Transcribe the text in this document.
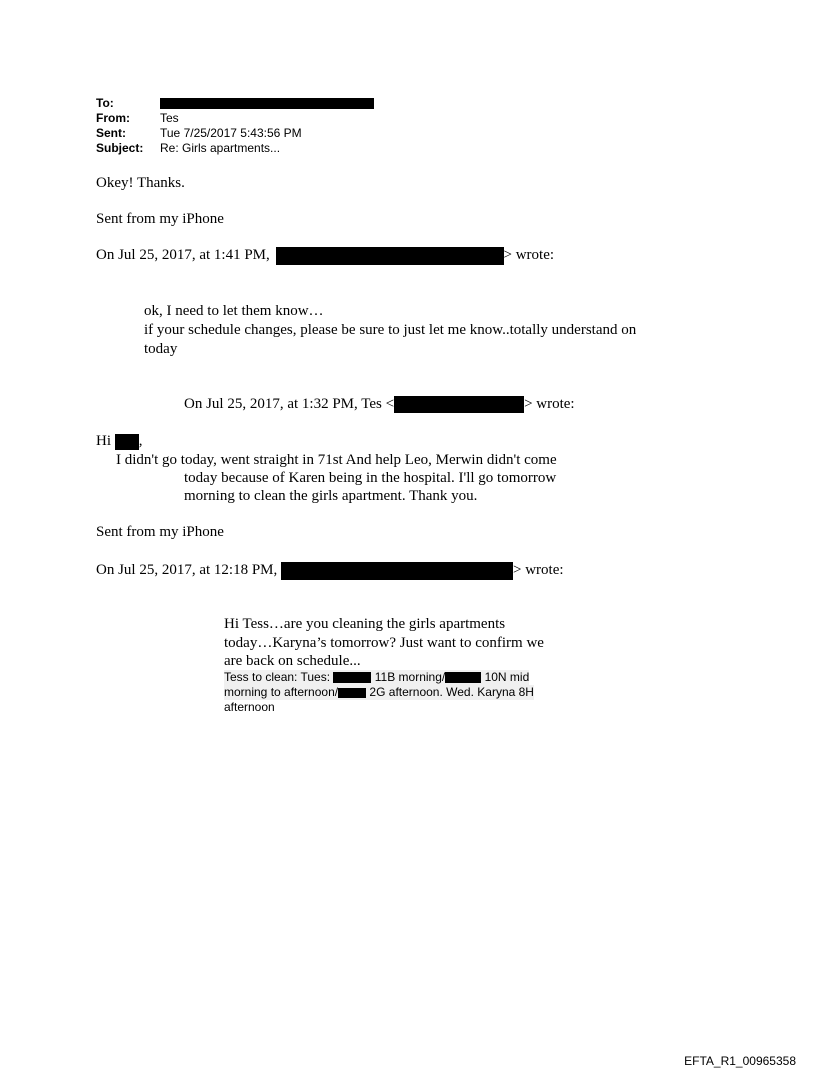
To:
From:	Tes
Sent:	Tue 7/25/2017 5:43:56 PM
Subject:	Re: Girls apartments...
Okey! Thanks.
Sent from my iPhone
On Jul 25, 2017, at 1:41 PM,	> wrote:
ok, I need to let them know…
if your schedule changes, please be sure to just let me know..totally understand on
today
On Jul 25, 2017, at 1:32 PM, Tes <	> wrote:
Hi ,
I didn't go today, went straight in 71st And help Leo, Merwin didn't come
today because of Karen being in the hospital. I'll go tomorrow
morning to clean the girls apartment. Thank you.
Sent from my iPhone
On Jul 25, 2017, at 12:18 PM,	> wrote:
Hi Tess…are you cleaning the girls apartments
today…Karyna’s tomorrow? Just want to confirm we
are back on schedule...
Tess to clean: Tues:	11B morning/	10N mid
morning to afternoon/	2G afternoon. Wed. Karyna 8H
afternoon
EFTA_R1_00965358
